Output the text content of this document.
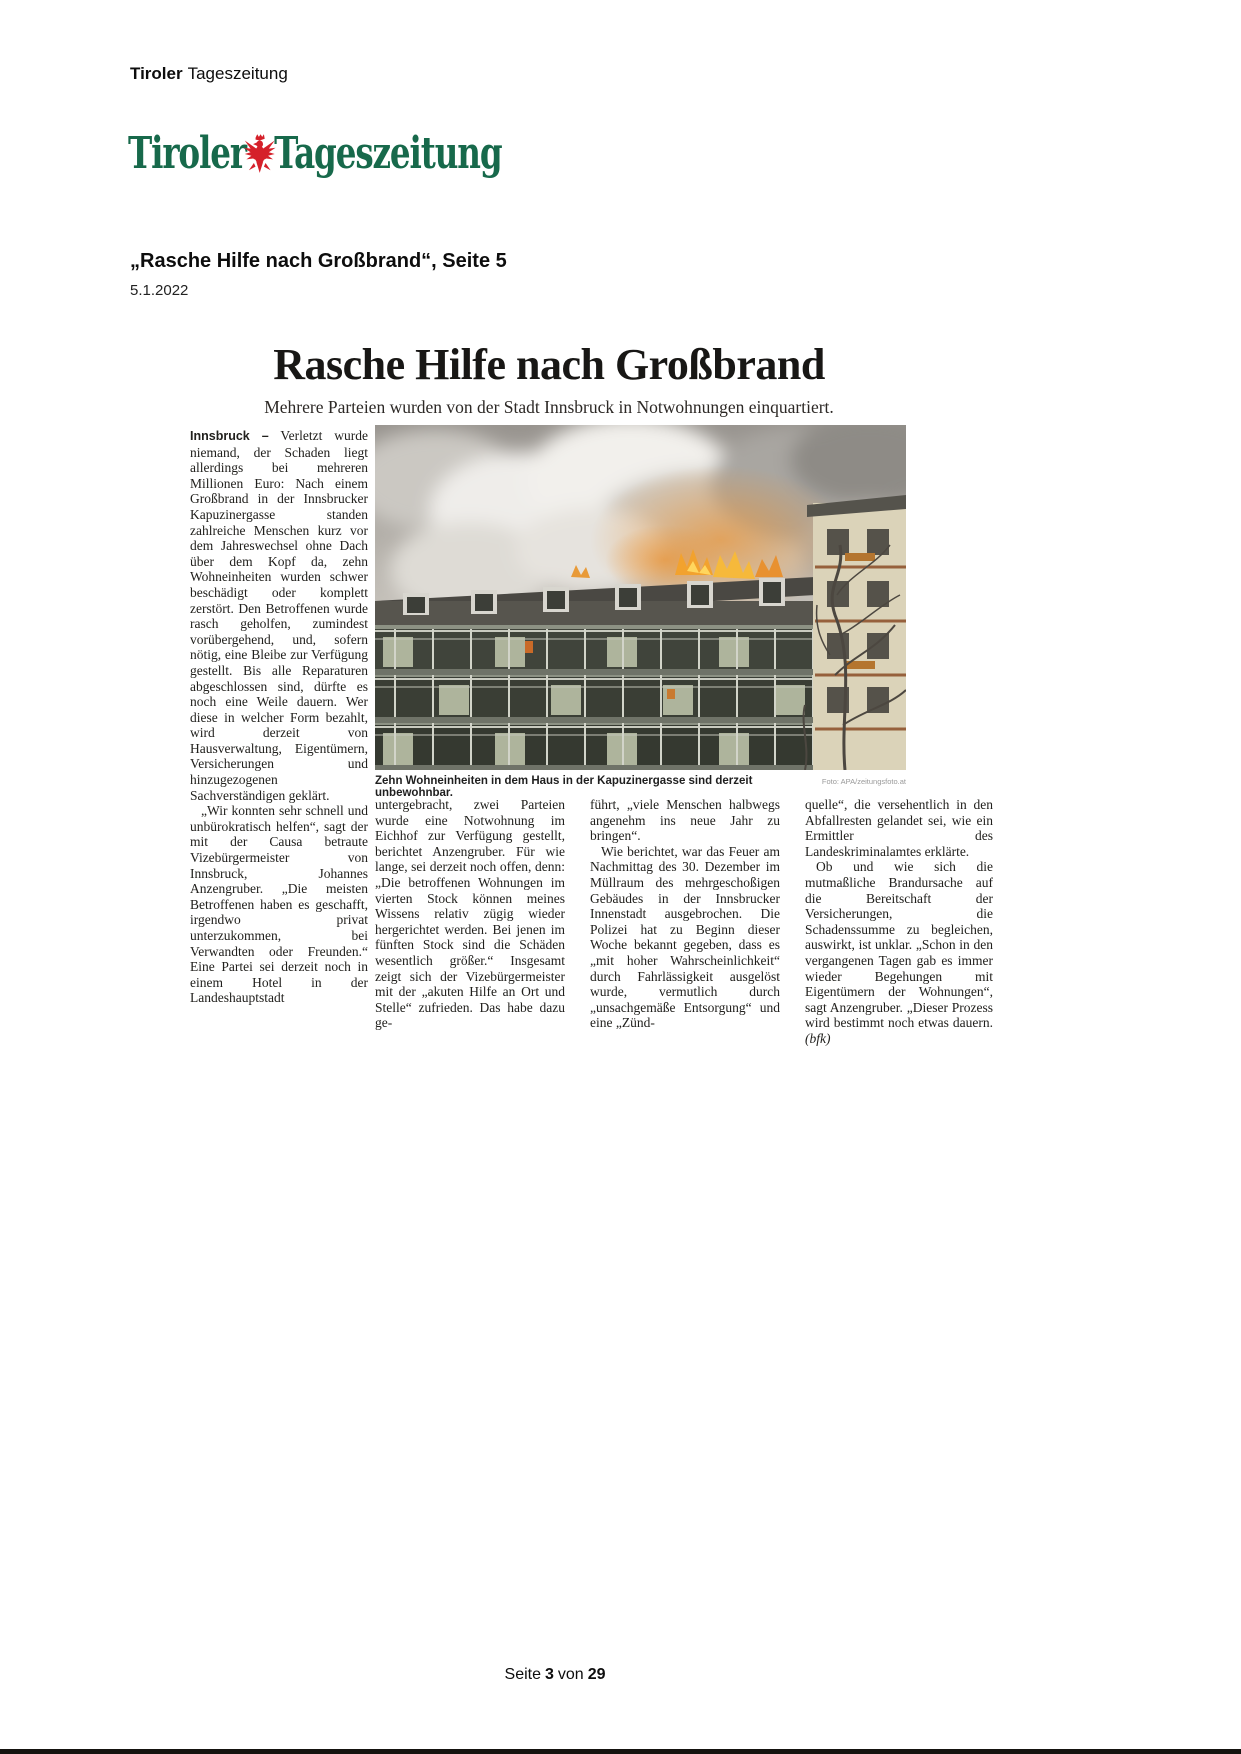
Tiroler Tageszeitung
Tiroler Tageszeitung
„Rasche Hilfe nach Großbrand“, Seite 5
5.1.2022
Rasche Hilfe nach Großbrand
Mehrere Parteien wurden von der Stadt Innsbruck in Notwohnungen einquartiert.

Innsbruck – Verletzt wurde niemand, der Schaden liegt allerdings bei mehreren Millionen Euro: Nach einem Großbrand in der Innsbrucker Kapuzinergasse standen zahlreiche Menschen kurz vor dem Jahreswechsel ohne Dach über dem Kopf da, zehn Wohneinheiten wurden schwer beschädigt oder komplett zerstört. Den Betroffenen wurde rasch geholfen, zumindest vorübergehend, und, sofern nötig, eine Bleibe zur Verfügung gestellt. Bis alle Reparaturen abgeschlossen sind, dürfte es noch eine Weile dauern. Wer diese in welcher Form bezahlt, wird derzeit von Hausverwaltung, Eigentümern, Versicherungen und hinzugezogenen Sachverständigen geklärt.

„Wir konnten sehr schnell und unbürokratisch helfen“, sagt der mit der Causa betraute Vizebürgermeister von Innsbruck, Johannes Anzengruber. „Die meisten Betroffenen haben es geschafft, irgendwo privat unterzukommen, bei Verwandten oder Freunden.“ Eine Partei sei derzeit noch in einem Hotel in der Landeshauptstadt

Zehn Wohneinheiten in dem Haus in der Kapuzinergasse sind derzeit unbewohnbar.
Foto: APA/zeitungsfoto.at

untergebracht, zwei Parteien wurde eine Notwohnung im Eichhof zur Verfügung gestellt, berichtet Anzengruber. Für wie lange, sei derzeit noch offen, denn: „Die betroffenen Wohnungen im vierten Stock können meines Wissens relativ zügig wieder hergerichtet werden. Bei jenen im fünften Stock sind die Schäden wesentlich größer.“ Insgesamt zeigt sich der Vizebürgermeister mit der „akuten Hilfe an Ort und Stelle“ zufrieden. Das habe dazu ge-

führt, „viele Menschen halbwegs angenehm ins neue Jahr zu bringen“.

Wie berichtet, war das Feuer am Nachmittag des 30. Dezember im Müllraum des mehrgeschoßigen Gebäudes in der Innsbrucker Innenstadt ausgebrochen. Die Polizei hat zu Beginn dieser Woche bekannt gegeben, dass es „mit hoher Wahrscheinlichkeit“ durch Fahrlässigkeit ausgelöst wurde, vermutlich durch „unsachgemäße Entsorgung“ und eine „Zünd-

quelle“, die versehentlich in den Abfallresten gelandet sei, wie ein Ermittler des Landeskriminalamtes erklärte.

Ob und wie sich die mutmaßliche Brandursache auf die Bereitschaft der Versicherungen, die Schadenssumme zu begleichen, auswirkt, ist unklar. „Schon in den vergangenen Tagen gab es immer wieder Begehungen mit Eigentümern der Wohnungen“, sagt Anzengruber. „Dieser Prozess wird bestimmt noch etwas dauern. (bfk)

Seite 3 von 29
